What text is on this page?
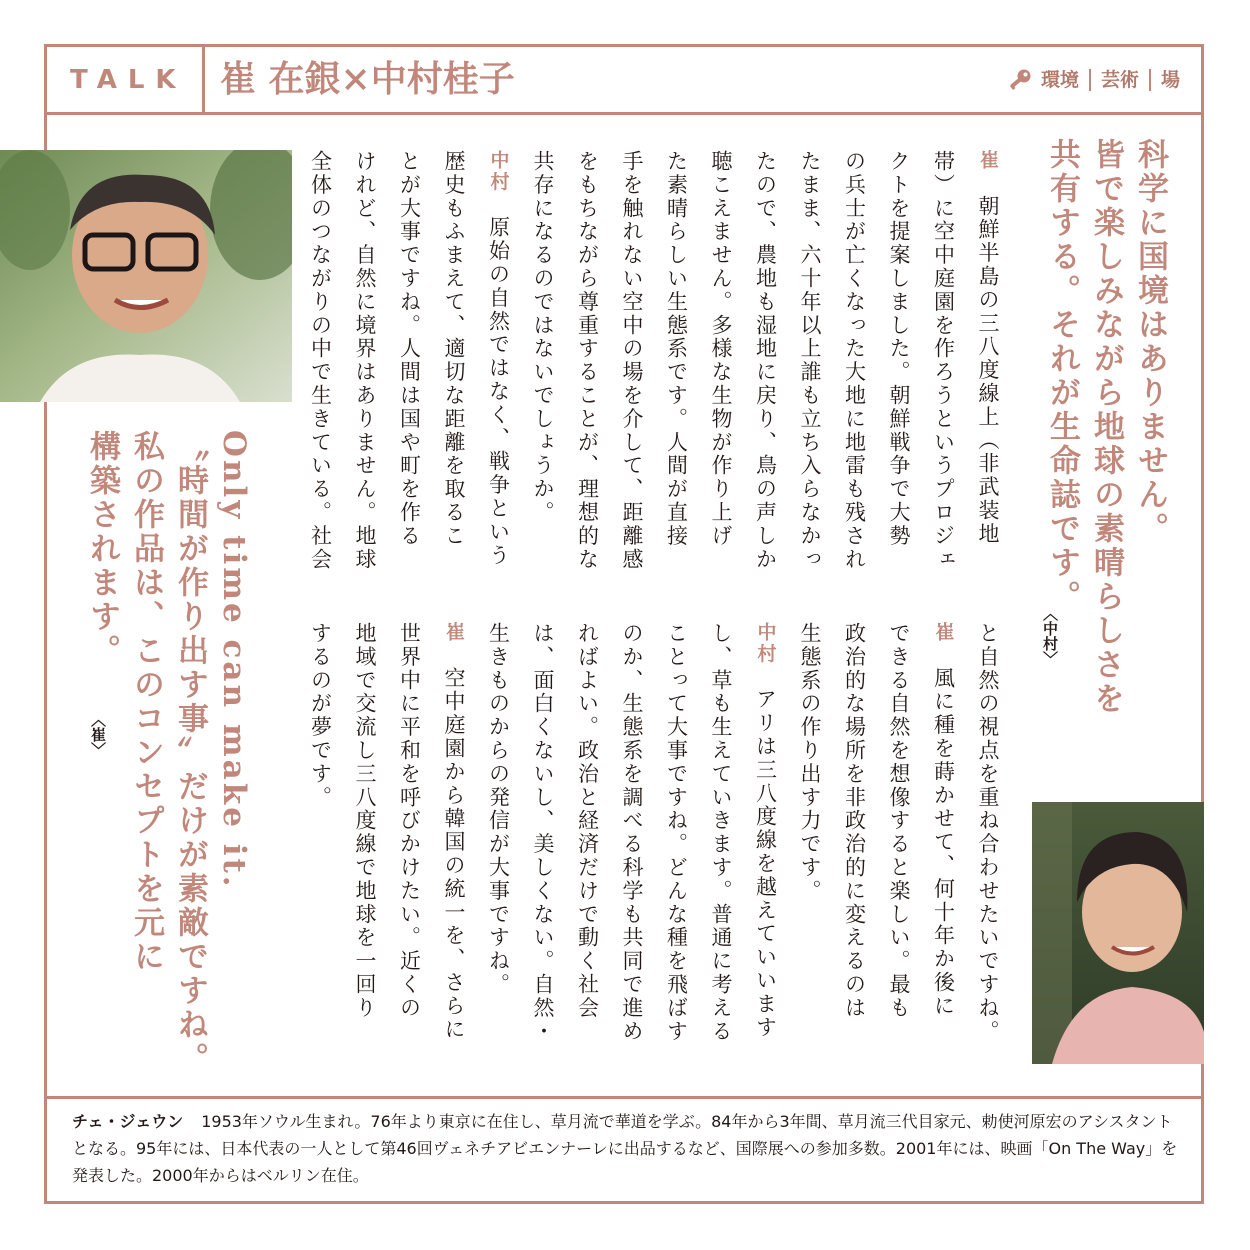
TALK 崔 在銀×中村桂子	環境 芸術 場
科学に国境はありません。
皆で楽しみながら地球の素晴らしさを
共有する。それが生命誌です。
〈中村〉
崔　朝鮮半島の三八度線上（非武装地
帯）に空中庭園を作ろうというプロジェ
クトを提案しました。朝鮮戦争で大勢
の兵士が亡くなった大地に地雷も残され
たまま、六十年以上誰も立ち入らなかっ
たので、農地も湿地に戻り、鳥の声しか
聴こえません。多様な生物が作り上げ
た素晴らしい生態系です。人間が直接
手を触れない空中の場を介して、距離感
をもちながら尊重することが、理想的な
共存になるのではないでしょうか。
中村　原始の自然ではなく、戦争という
歴史もふまえて、適切な距離を取るこ
とが大事ですね。人間は国や町を作る
けれど、自然に境界はありません。地球
全体のつながりの中で生きている。社会
と自然の視点を重ね合わせたいですね。
崔　風に種を蒔かせて、何十年か後に
できる自然を想像すると楽しい。最も
政治的な場所を非政治的に変えるのは
生態系の作り出す力です。
中村　アリは三八度線を越えていいます
し、草も生えていきます。普通に考える
ことって大事ですね。どんな種を飛ばす
のか、生態系を調べる科学も共同で進め
ればよい。政治と経済だけで動く社会
は、面白くないし、美しくない。自然・
生きものからの発信が大事ですね。
崔　空中庭園から韓国の統一を、さらに
世界中に平和を呼びかけたい。近くの
地域で交流し三八度線で地球を一回り
するのが夢です。
Only time can make it.
〝時間が作り出す事〟だけが素敵ですね。
私の作品は、このコンセプトを元に
構築されます。
〈崔〉
チェ・ジェウン 1953年ソウル生まれ。76年より東京に在住し、草月流で華道を学ぶ。84年から3年間、草月流三代目家元、勅使河原宏のアシスタントとなる。95年には、日本代表の一人として第46回ヴェネチアビエンナーレに出品するなど、国際展への参加多数。2001年には、映画「On The Way」を発表した。2000年からはベルリン在住。
